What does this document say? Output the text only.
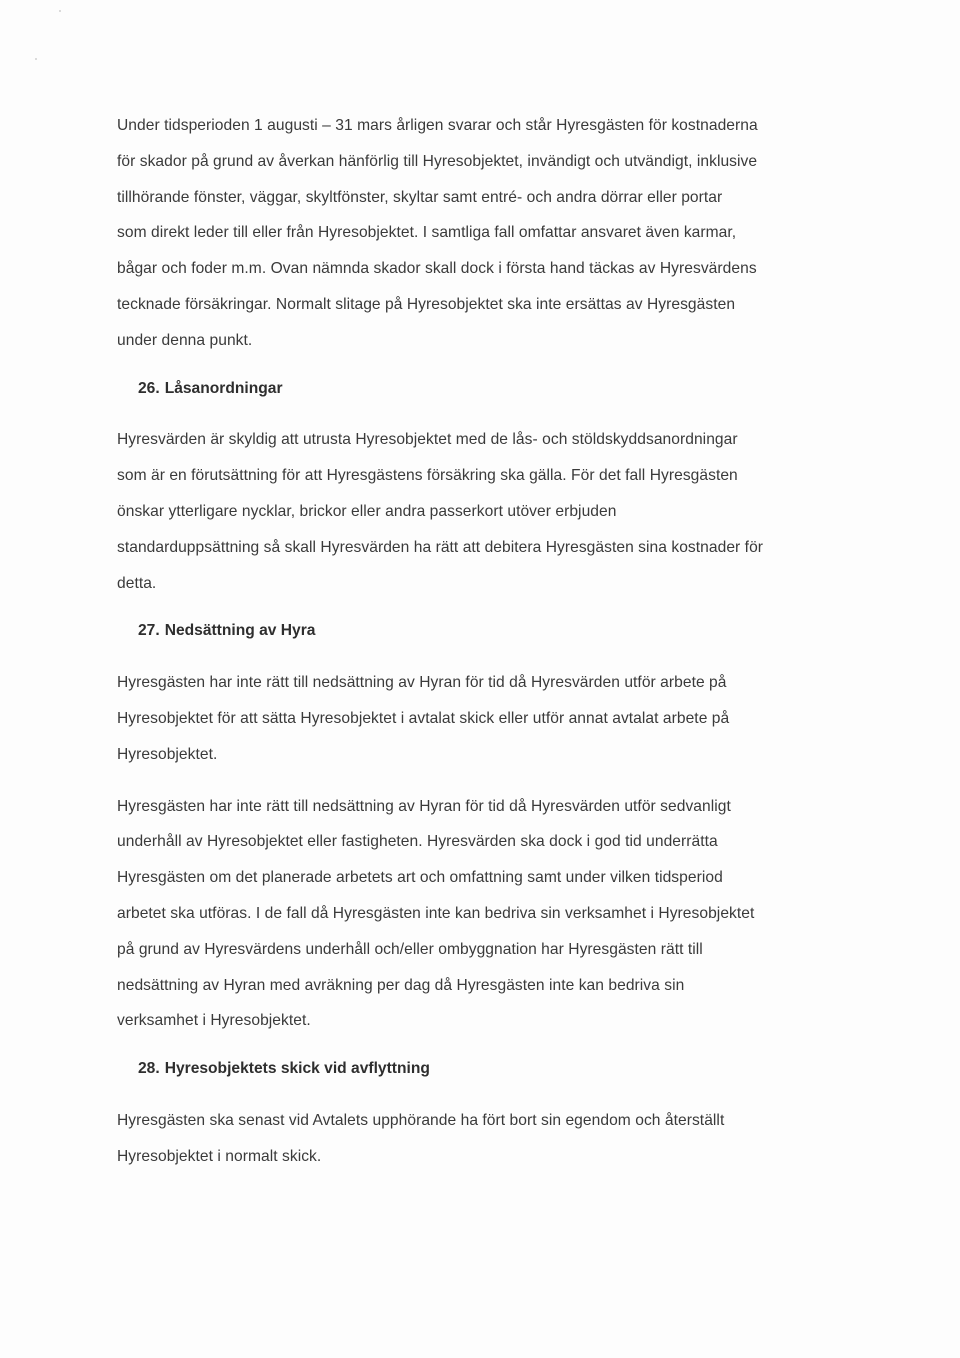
Under tidsperioden 1 augusti – 31 mars årligen svarar och står Hyresgästen för kostnaderna
för skador på grund av åverkan hänförlig till Hyresobjektet, invändigt och utvändigt, inklusive
tillhörande fönster, väggar, skyltfönster, skyltar samt entré- och andra dörrar eller portar
som direkt leder till eller från Hyresobjektet. I samtliga fall omfattar ansvaret även karmar,
bågar och foder m.m. Ovan nämnda skador skall dock i första hand täckas av Hyresvärdens
tecknade försäkringar. Normalt slitage på Hyresobjektet ska inte ersättas av Hyresgästen
under denna punkt.
26. Låsanordningar
Hyresvärden är skyldig att utrusta Hyresobjektet med de lås- och stöldskyddsanordningar
som är en förutsättning för att Hyresgästens försäkring ska gälla. För det fall Hyresgästen
önskar ytterligare nycklar, brickor eller andra passerkort utöver erbjuden
standarduppsättning så skall Hyresvärden ha rätt att debitera Hyresgästen sina kostnader för
detta.
27. Nedsättning av Hyra
Hyresgästen har inte rätt till nedsättning av Hyran för tid då Hyresvärden utför arbete på
Hyresobjektet för att sätta Hyresobjektet i avtalat skick eller utför annat avtalat arbete på
Hyresobjektet.
Hyresgästen har inte rätt till nedsättning av Hyran för tid då Hyresvärden utför sedvanligt
underhåll av Hyresobjektet eller fastigheten. Hyresvärden ska dock i god tid underrätta
Hyresgästen om det planerade arbetets art och omfattning samt under vilken tidsperiod
arbetet ska utföras. I de fall då Hyresgästen inte kan bedriva sin verksamhet i Hyresobjektet
på grund av Hyresvärdens underhåll och/eller ombyggnation har Hyresgästen rätt till
nedsättning av Hyran med avräkning per dag då Hyresgästen inte kan bedriva sin
verksamhet i Hyresobjektet.
28. Hyresobjektets skick vid avflyttning
Hyresgästen ska senast vid Avtalets upphörande ha fört bort sin egendom och återställt
Hyresobjektet i normalt skick.
